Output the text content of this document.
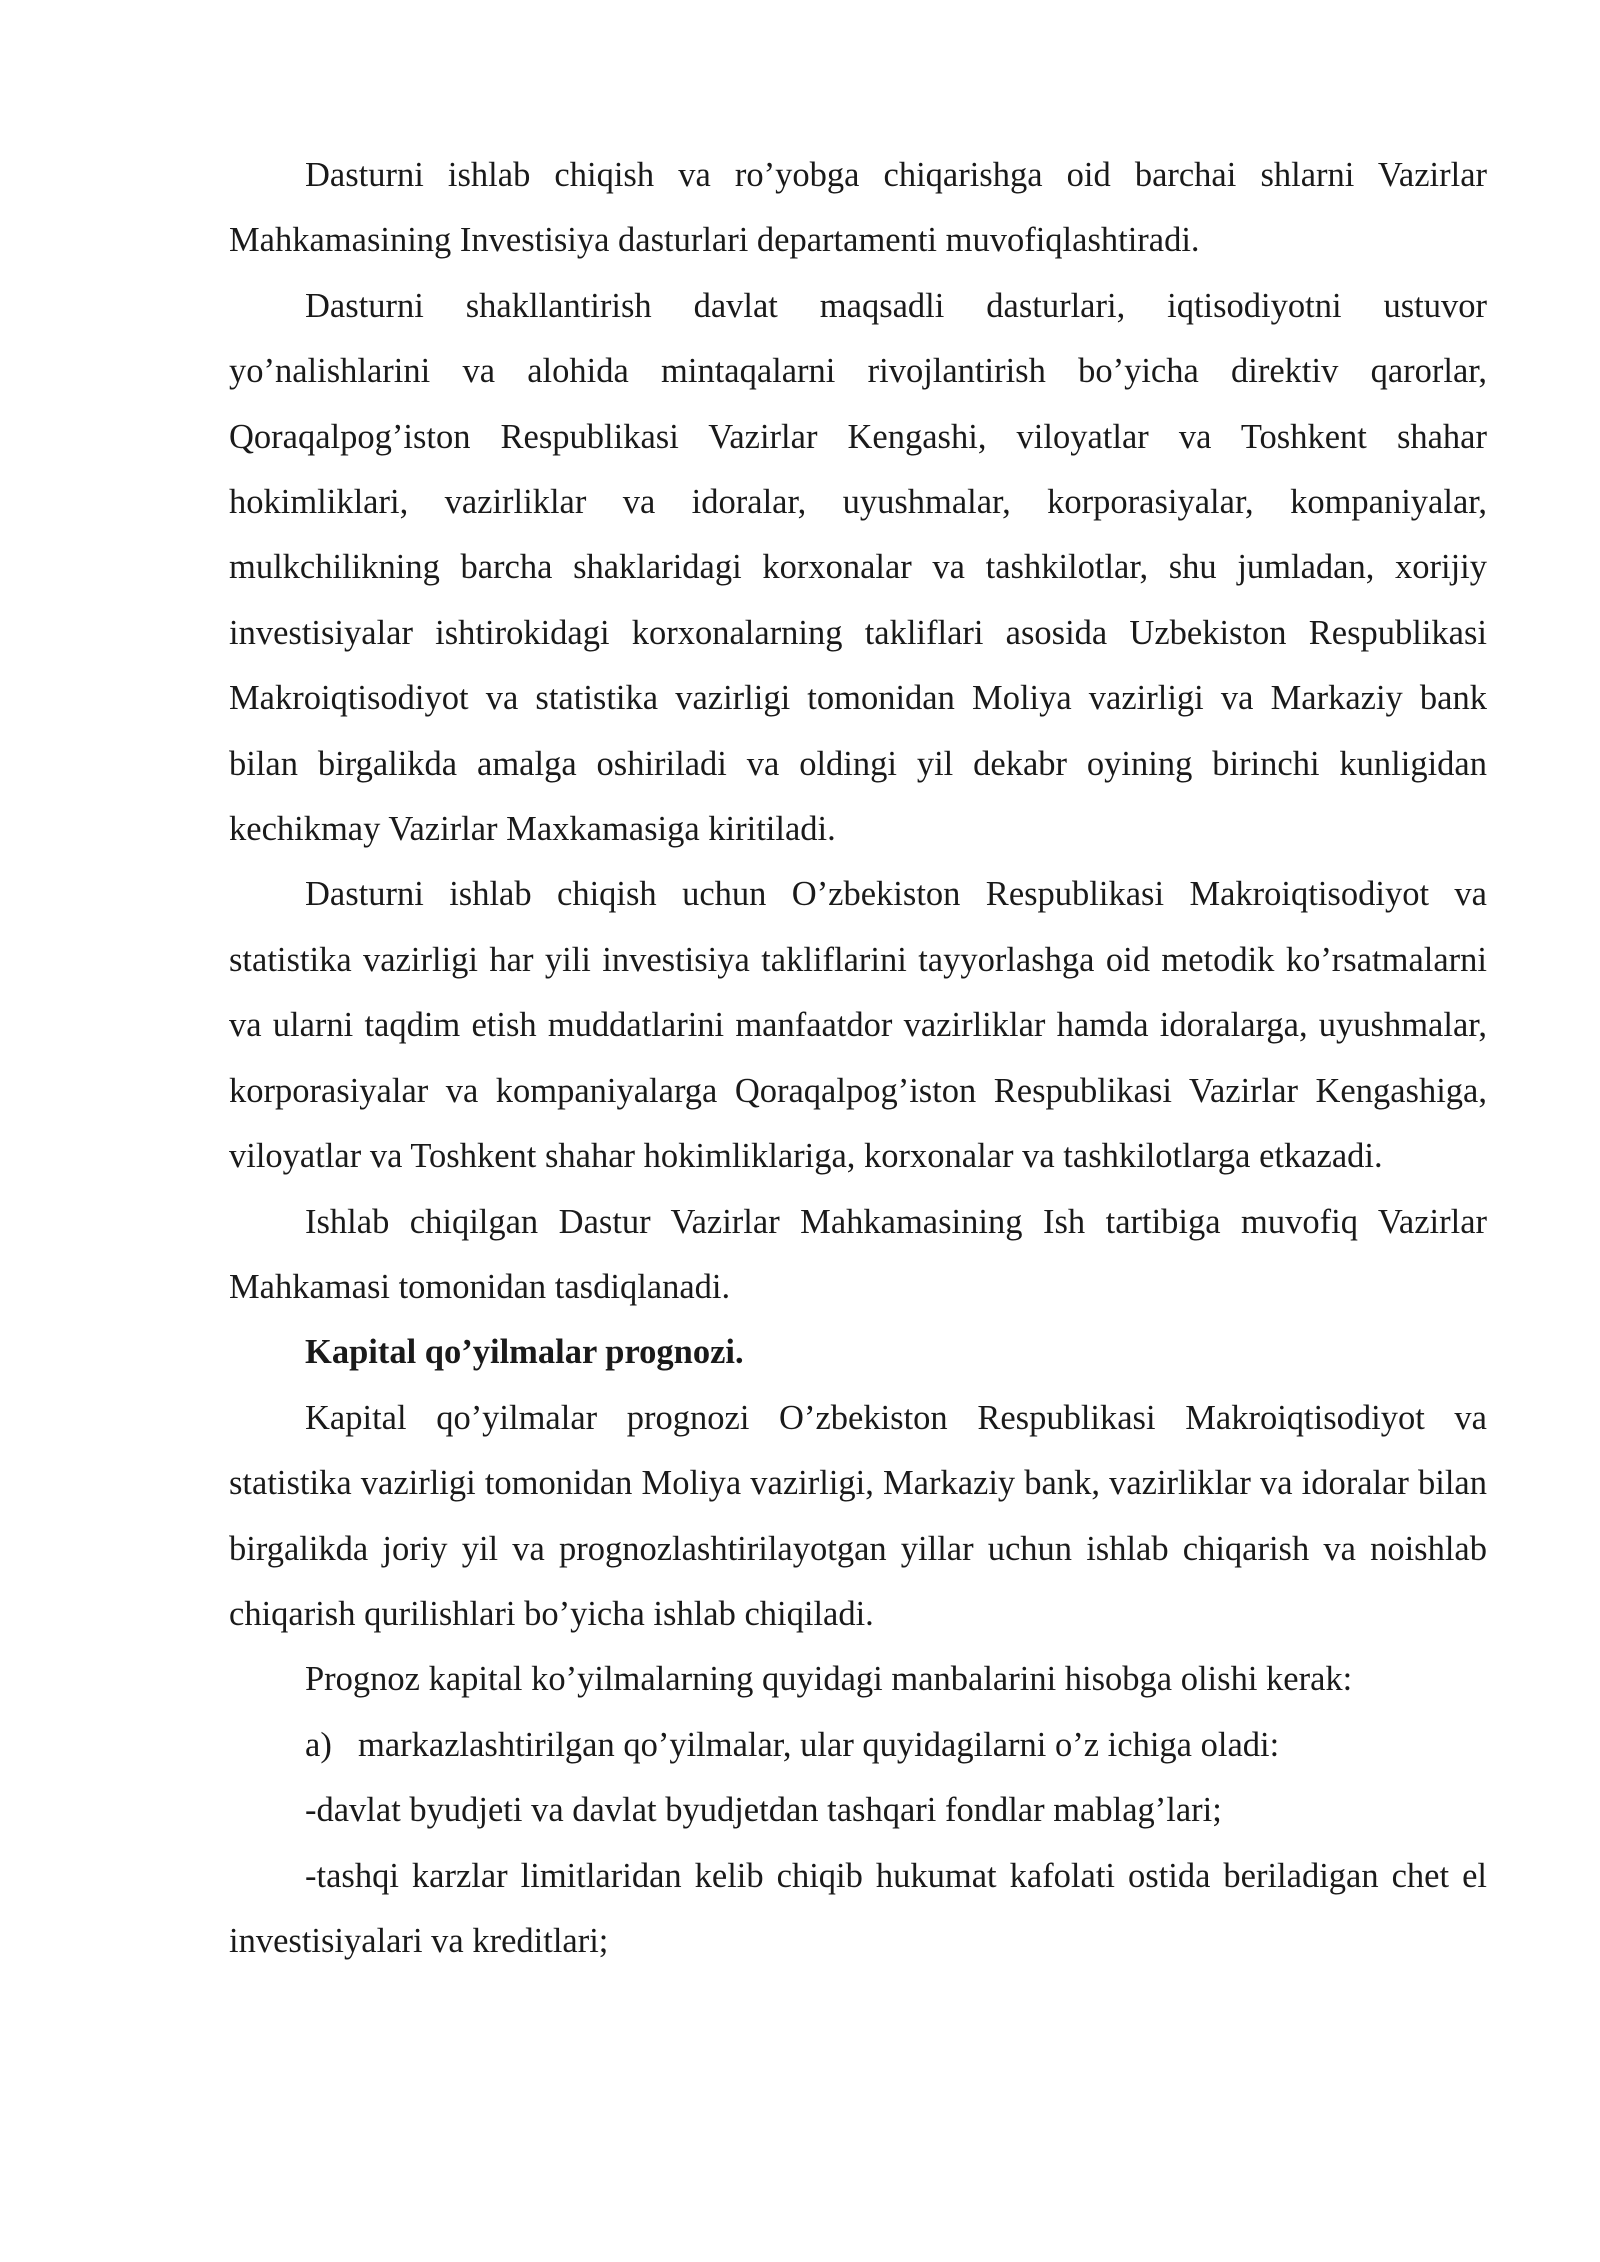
Dasturni ishlab chiqish va ro’yobga chiqarishga oid barchai shlarni Vazirlar Mahkamasining Investisiya dasturlari departamenti muvofiqlashtiradi.

Dasturni shakllantirish davlat maqsadli dasturlari, iqtisodiyotni ustuvor yo’nalishlarini va alohida mintaqalarni rivojlantirish bo’yicha direktiv qarorlar, Qoraqalpog’iston Respublikasi Vazirlar Kengashi, viloyatlar va Toshkent shahar hokimliklari, vazirliklar va idoralar, uyushmalar, korporasiyalar, kompaniyalar, mulkchilikning barcha shaklaridagi korxonalar va tashkilotlar, shu jumladan, xorijiy investisiyalar ishtirokidagi korxonalarning takliflari asosida Uzbekiston Respublikasi Makroiqtisodiyot va statistika vazirligi tomonidan Moliya vazirligi va Markaziy bank bilan birgalikda amalga oshiriladi va oldingi yil dekabr oyining birinchi kunligidan kechikmay Vazirlar Maxkamasiga kiritiladi.

Dasturni ishlab chiqish uchun O’zbekiston Respublikasi Makroiqtisodiyot va statistika vazirligi har yili investisiya takliflarini tayyorlashga oid metodik ko’rsatmalarni va ularni taqdim etish muddatlarini manfaatdor vazirliklar hamda idoralarga, uyushmalar, korporasiyalar va kompaniyalarga Qoraqalpog’iston Respublikasi Vazirlar Kengashiga, viloyatlar va Toshkent shahar hokimliklariga, korxonalar va tashkilotlarga etkazadi.

Ishlab chiqilgan Dastur Vazirlar Mahkamasining Ish tartibiga muvofiq Vazirlar Mahkamasi tomonidan tasdiqlanadi.

Kapital qo’yilmalar prognozi.

Kapital qo’yilmalar prognozi O’zbekiston Respublikasi Makroiqtisodiyot va statistika vazirligi tomonidan Moliya vazirligi, Markaziy bank, vazirliklar va idoralar bilan birgalikda joriy yil va prognozlashtirilayotgan yillar uchun ishlab chiqarish va noishlab chiqarish qurilishlari bo’yicha ishlab chiqiladi.

Prognoz kapital ko’yilmalarning quyidagi manbalarini hisobga olishi kerak:

a) markazlashtirilgan qo’yilmalar, ular quyidagilarni o’z ichiga oladi:

-davlat byudjeti va davlat byudjetdan tashqari fondlar mablag’lari;

-tashqi karzlar limitlaridan kelib chiqib hukumat kafolati ostida beriladigan chet el investisiyalari va kreditlari;
